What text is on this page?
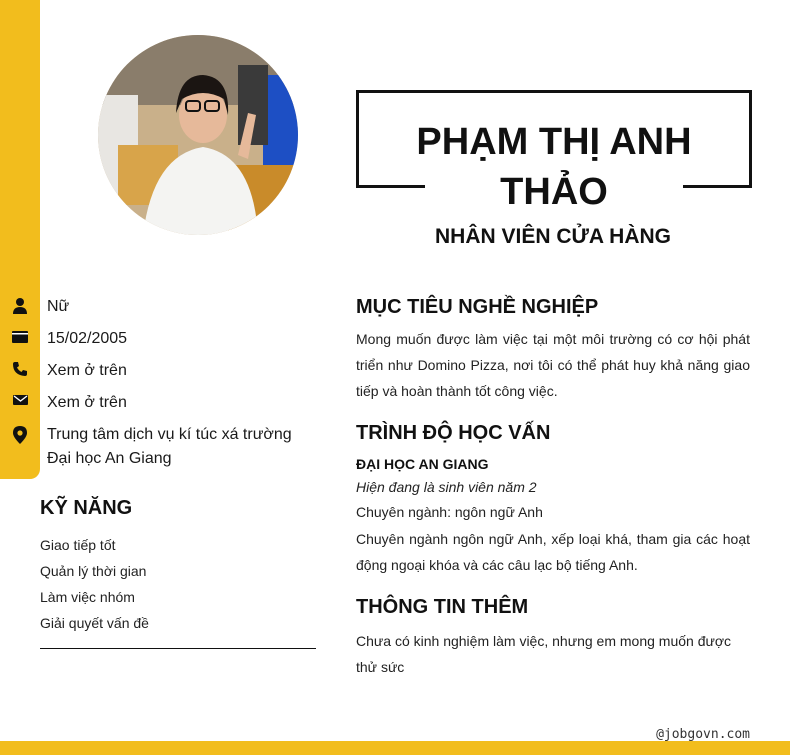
PHẠM THỊ ANH THẢO
NHÂN VIÊN CỬA HÀNG
Nữ
15/02/2005
Xem ở trên
Xem ở trên
Trung tâm dịch vụ kí túc xá trường Đại học An Giang
KỸ NĂNG
Giao tiếp tốt
Quản lý thời gian
Làm việc nhóm
Giải quyết vấn đề
MỤC TIÊU NGHỀ NGHIỆP
Mong muốn được làm việc tại một môi trường có cơ hội phát triển như Domino Pizza, nơi tôi có thể phát huy khả năng giao tiếp và hoàn thành tốt công việc.
TRÌNH ĐỘ HỌC VẤN
ĐẠI HỌC AN GIANG
Hiện đang là sinh viên năm 2
Chuyên ngành: ngôn ngữ Anh
Chuyên ngành ngôn ngữ Anh, xếp loại khá, tham gia các hoạt động ngoại khóa và các câu lạc bộ tiếng Anh.
THÔNG TIN THÊM
Chưa có kinh nghiệm làm việc, nhưng em mong muốn được thử sức
@jobgovn.com
